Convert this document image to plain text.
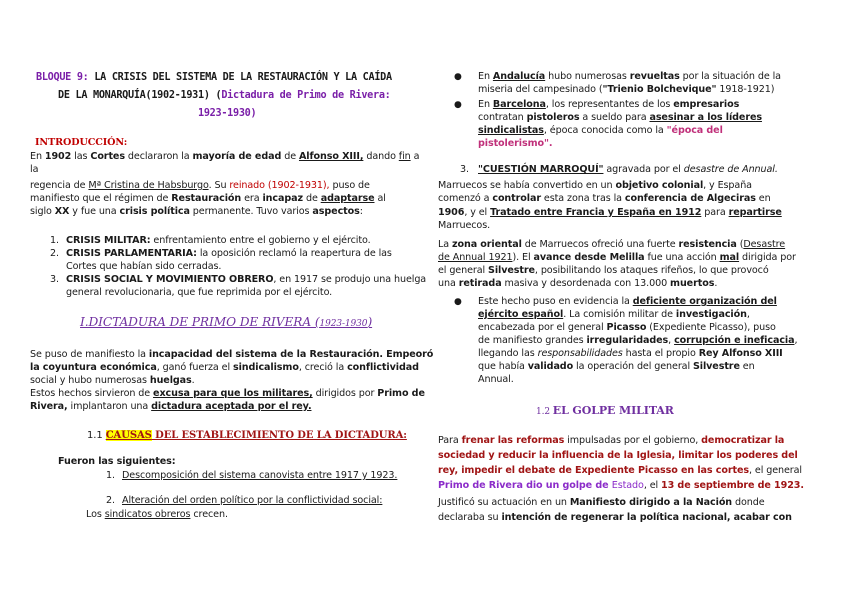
BLOQUE 9: LA CRISIS DEL SISTEMA DE LA RESTAURACIÓN Y LA CAÍDA
DE LA MONARQUÍA(1902-1931) (Dictadura de Primo de Rivera:
1923-1930)
INTRODUCCIÓN:
En 1902 las Cortes declararon la mayoría de edad de Alfonso XIII, dando fin a
la
regencia de Mª Cristina de Habsburgo. Su reinado (1902-1931), puso de
manifiesto que el régimen de Restauración era incapaz de adaptarse al
siglo XX y fue una crisis política permanente. Tuvo varios aspectos:
1. CRISIS MILITAR: enfrentamiento entre el gobierno y el ejército.
2. CRISIS PARLAMENTARIA: la oposición reclamó la reapertura de las
Cortes que habían sido cerradas.
3. CRISIS SOCIAL Y MOVIMIENTO OBRERO, en 1917 se produjo una huelga
general revolucionaria, que fue reprimida por el ejército.
I.DICTADURA DE PRIMO DE RIVERA (1923-1930)
Se puso de manifiesto la incapacidad del sistema de la Restauración. Empeoró
la coyuntura económica, ganó fuerza el sindicalismo, creció la conflictividad
social y hubo numerosas huelgas.
Estos hechos sirvieron de excusa para que los militares, dirigidos por Primo de
Rivera, implantaron una dictadura aceptada por el rey.
1.1 CAUSAS DEL ESTABLECIMIENTO DE LA DICTADURA:
Fueron las siguientes:
1. Descomposición del sistema canovista entre 1917 y 1923.
2. Alteración del orden político por la conflictividad social:
Los sindicatos obreros crecen.
● En Andalucía hubo numerosas revueltas por la situación de la
miseria del campesinado ("Trienio Bolchevique" 1918-1921)
● En Barcelona, los representantes de los empresarios
contratan pistoleros a sueldo para asesinar a los líderes
sindicalistas, época conocida como la "época del
pistolerismo".
3. "CUESTIÓN MARROQUÍ" agravada por el desastre de Annual.
Marruecos se había convertido en un objetivo colonial, y España
comenzó a controlar esta zona tras la conferencia de Algeciras en
1906, y el Tratado entre Francia y España en 1912 para repartirse
Marruecos.
La zona oriental de Marruecos ofreció una fuerte resistencia (Desastre
de Annual 1921). El avance desde Melilla fue una acción mal dirigida por
el general Silvestre, posibilitando los ataques rifeños, lo que provocó
una retirada masiva y desordenada con 13.000 muertos.
● Este hecho puso en evidencia la deficiente organización del
ejército español. La comisión militar de investigación,
encabezada por el general Picasso (Expediente Picasso), puso
de manifiesto grandes irregularidades, corrupción e ineficacia,
llegando las responsabilidades hasta el propio Rey Alfonso XIII
que había validado la operación del general Silvestre en
Annual.
1.2 EL GOLPE MILITAR
Para frenar las reformas impulsadas por el gobierno, democratizar la
sociedad y reducir la influencia de la Iglesia, limitar los poderes del
rey, impedir el debate de Expediente Picasso en las cortes, el general
Primo de Rivera dio un golpe de Estado, el 13 de septiembre de 1923.
Justificó su actuación en un Manifiesto dirigido a la Nación donde
declaraba su intención de regenerar la política nacional, acabar con
